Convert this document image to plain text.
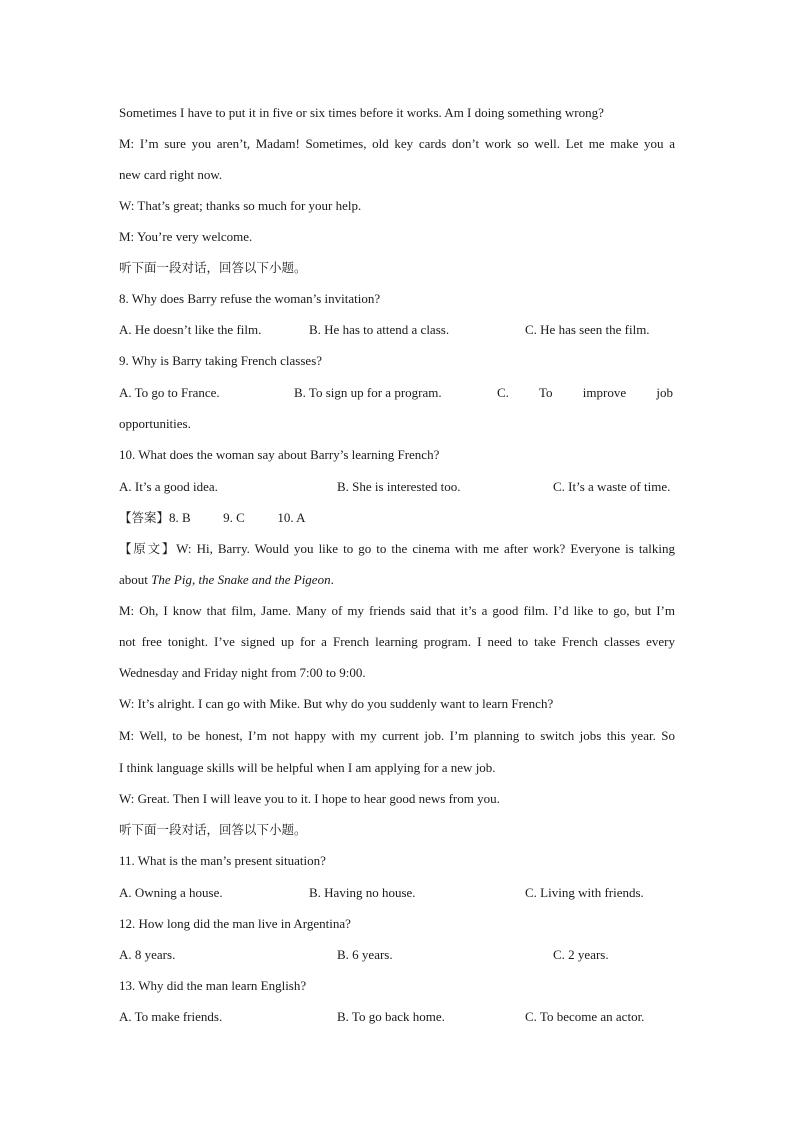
Sometimes I have to put it in five or six times before it works. Am I doing something wrong?
M: I’m sure you aren’t, Madam! Sometimes, old key cards don’t work so well. Let me make you a
new card right now.
W: That’s great; thanks so much for your help.
M: You’re very welcome.
听下面一段对话，回答以下小题。
8. Why does Barry refuse the woman’s invitation?
A. He doesn’t like the film.	B. He has to attend a class.	C. He has seen the film.
9. Why is Barry taking French classes?
A. To go to France.	B. To sign up for a program.	C.        To        improve        job
opportunities.
10. What does the woman say about Barry’s learning French?
A. It’s a good idea.	B. She is interested too.	C. It’s a waste of time.
【答案】8. B          9. C          10. A
【原文】W: Hi, Barry. Would you like to go to the cinema with me after work? Everyone is talking
about The Pig, the Snake and the Pigeon.
M: Oh, I know that film, Jame. Many of my friends said that it’s a good film. I’d like to go, but I’m
not free tonight. I’ve signed up for a French learning program. I need to take French classes every
Wednesday and Friday night from 7:00 to 9:00.
W: It’s alright. I can go with Mike. But why do you suddenly want to learn French?
M: Well, to be honest, I’m not happy with my current job. I’m planning to switch jobs this year. So
I think language skills will be helpful when I am applying for a new job.
W: Great. Then I will leave you to it. I hope to hear good news from you.
听下面一段对话，回答以下小题。
11. What is the man’s present situation?
A. Owning a house.	B. Having no house.	C. Living with friends.
12. How long did the man live in Argentina?
A. 8 years.	B. 6 years.	C. 2 years.
13. Why did the man learn English?
A. To make friends.	B. To go back home.	C. To become an actor.
